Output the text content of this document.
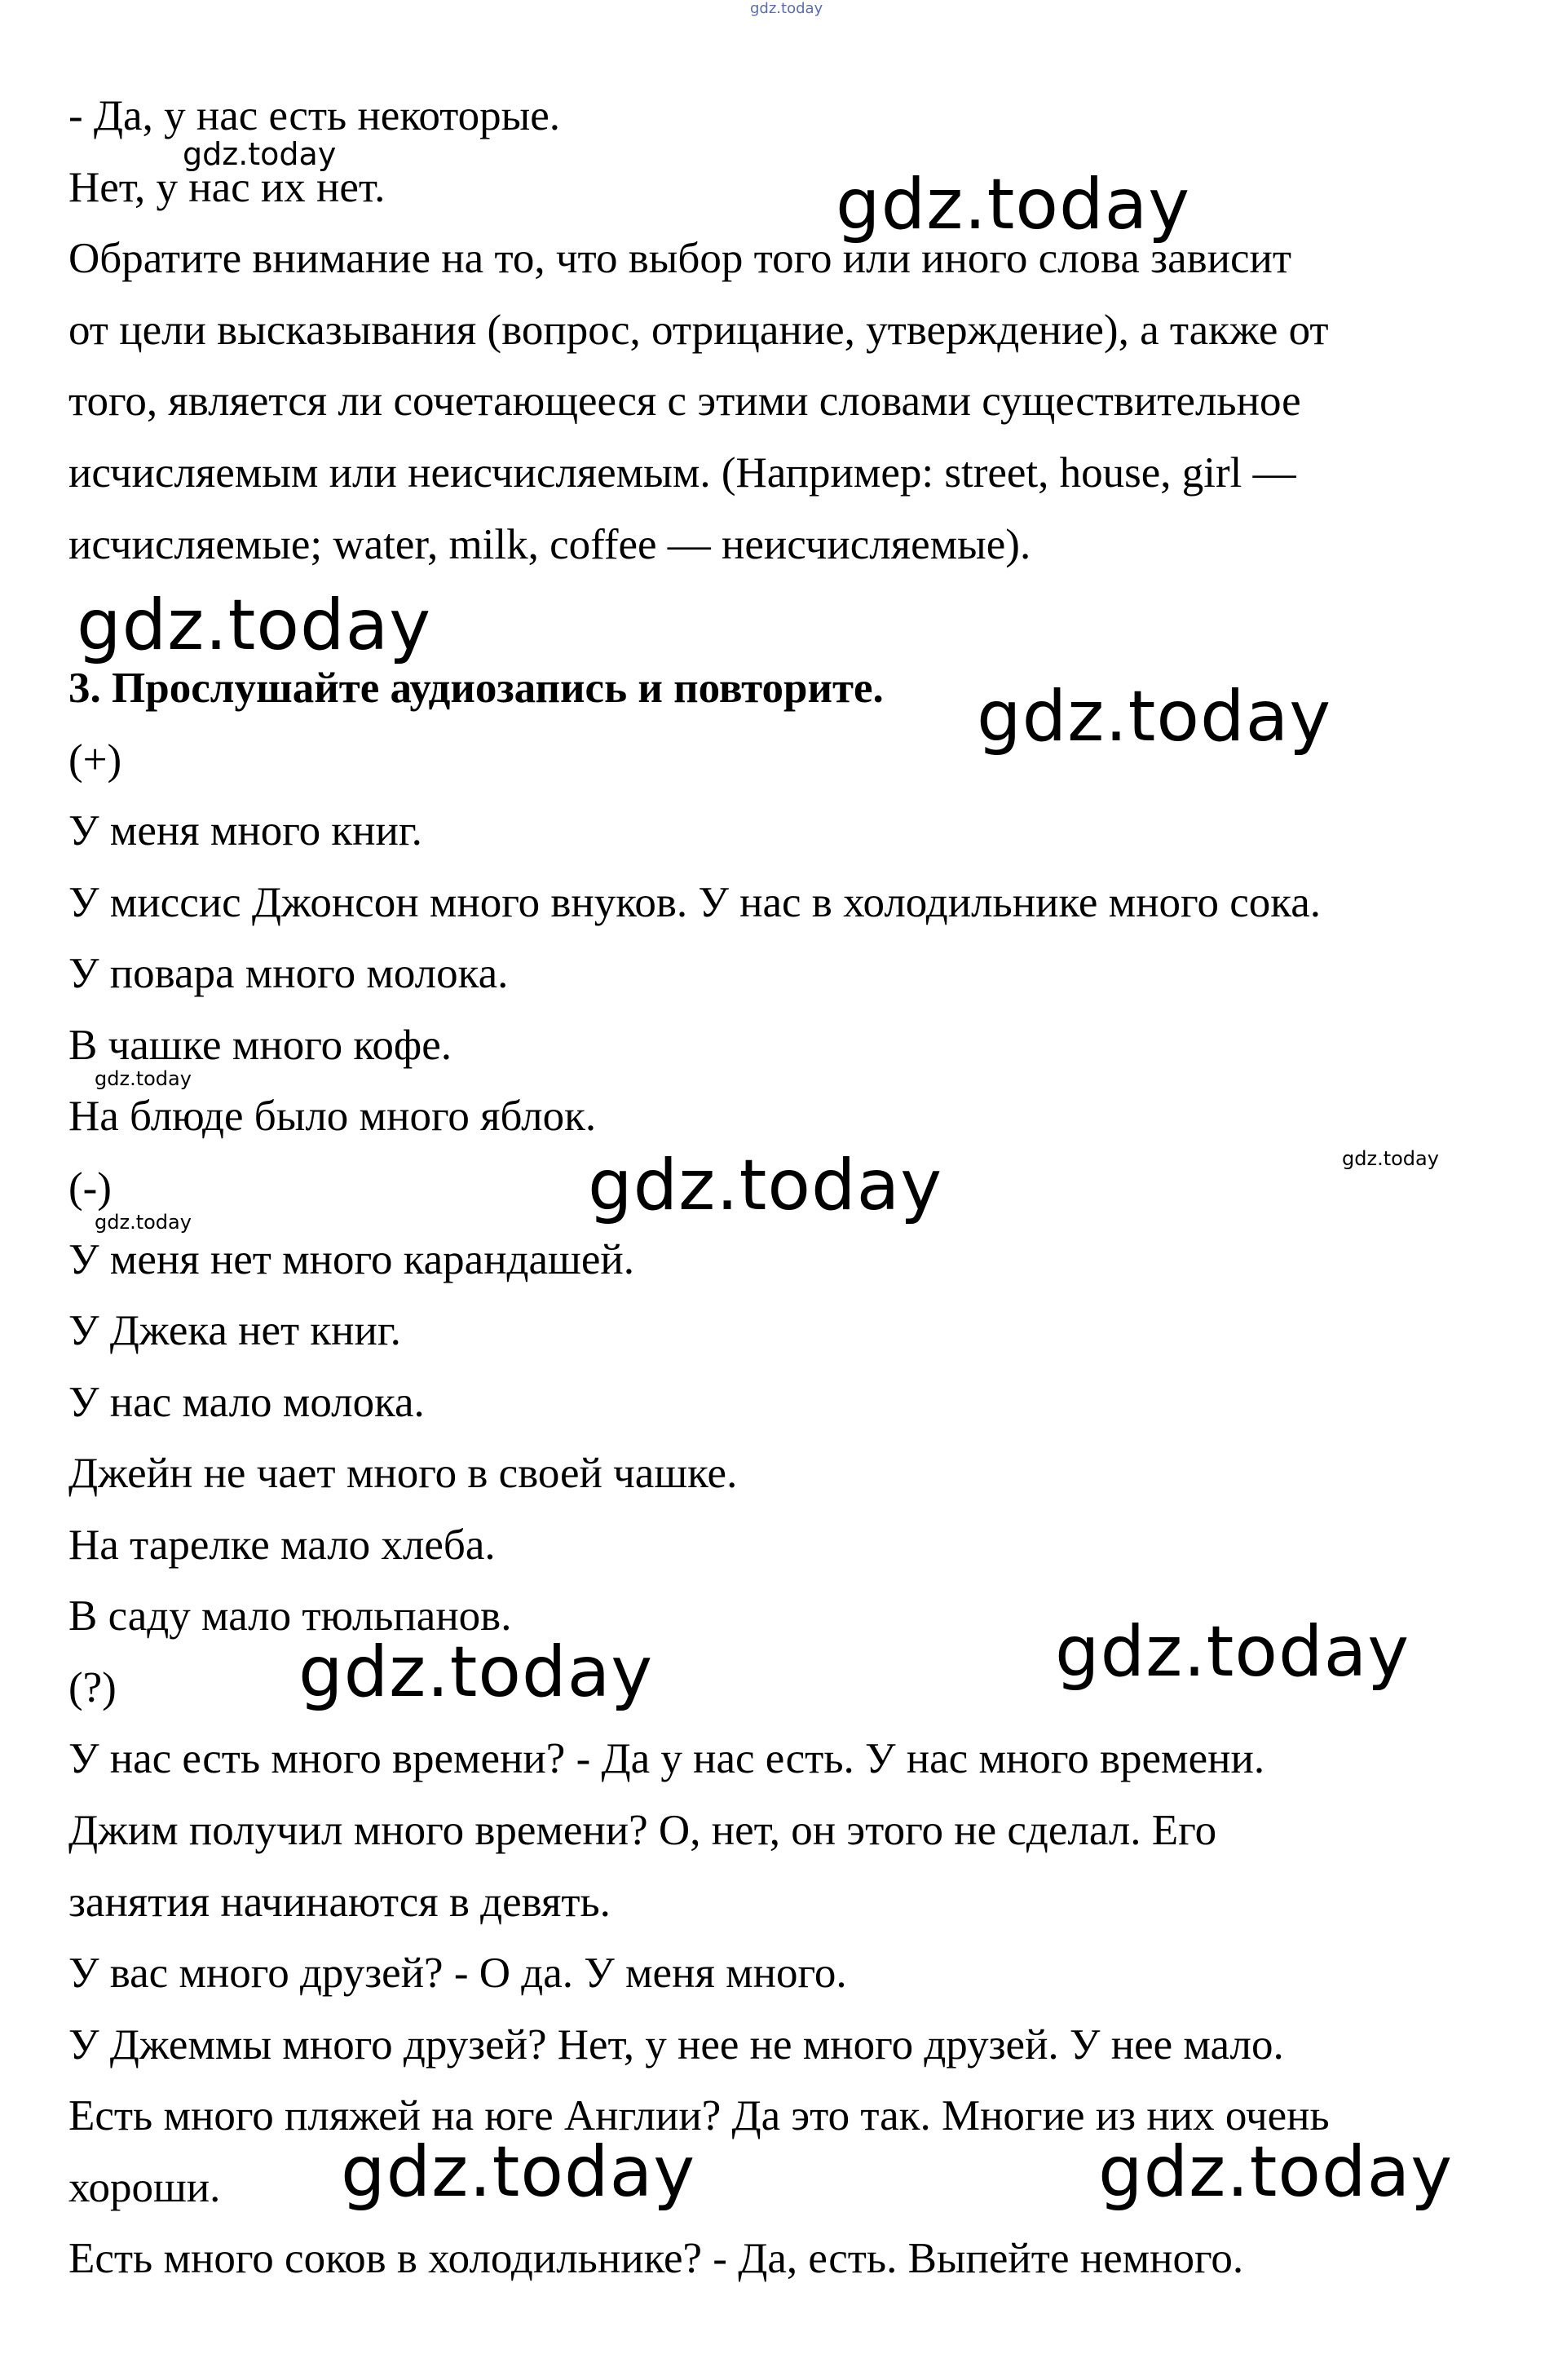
gdz.today
- Да, у нас есть некоторые.
Нет, у нас их нет.
Обратите внимание на то, что выбор того или иного слова зависит
от цели высказывания (вопрос, отрицание, утверждение), а также от
того, является ли сочетающееся с этими словами существительное
исчисляемым или неисчисляемым. (Например: street, house, girl —
исчисляемые; water, milk, coffee — неисчисляемые).
3. Прослушайте аудиозапись и повторите.
(+)
У меня много книг.
У миссис Джонсон много внуков. У нас в холодильнике много сока.
У повара много молока.
В чашке много кофе.
На блюде было много яблок.
(-)
У меня нет много карандашей.
У Джека нет книг.
У нас мало молока.
Джейн не чает много в своей чашке.
На тарелке мало хлеба.
В саду мало тюльпанов.
(?)
У нас есть много времени? - Да у нас есть. У нас много времени.
Джим получил много времени? О, нет, он этого не сделал. Его
занятия начинаются в девять.
У вас много друзей? - О да. У меня много.
У Джеммы много друзей? Нет, у нее не много друзей. У нее мало.
Есть много пляжей на юге Англии? Да это так. Многие из них очень
хороши.
Есть много соков в холодильнике? - Да, есть. Выпейте немного.
gdz.today
gdz.today
gdz.today
gdz.today
gdz.today	gdz.today
gdz.today	gdz.today
gdz.today
gdz.today
gdz.today
gdz.today
